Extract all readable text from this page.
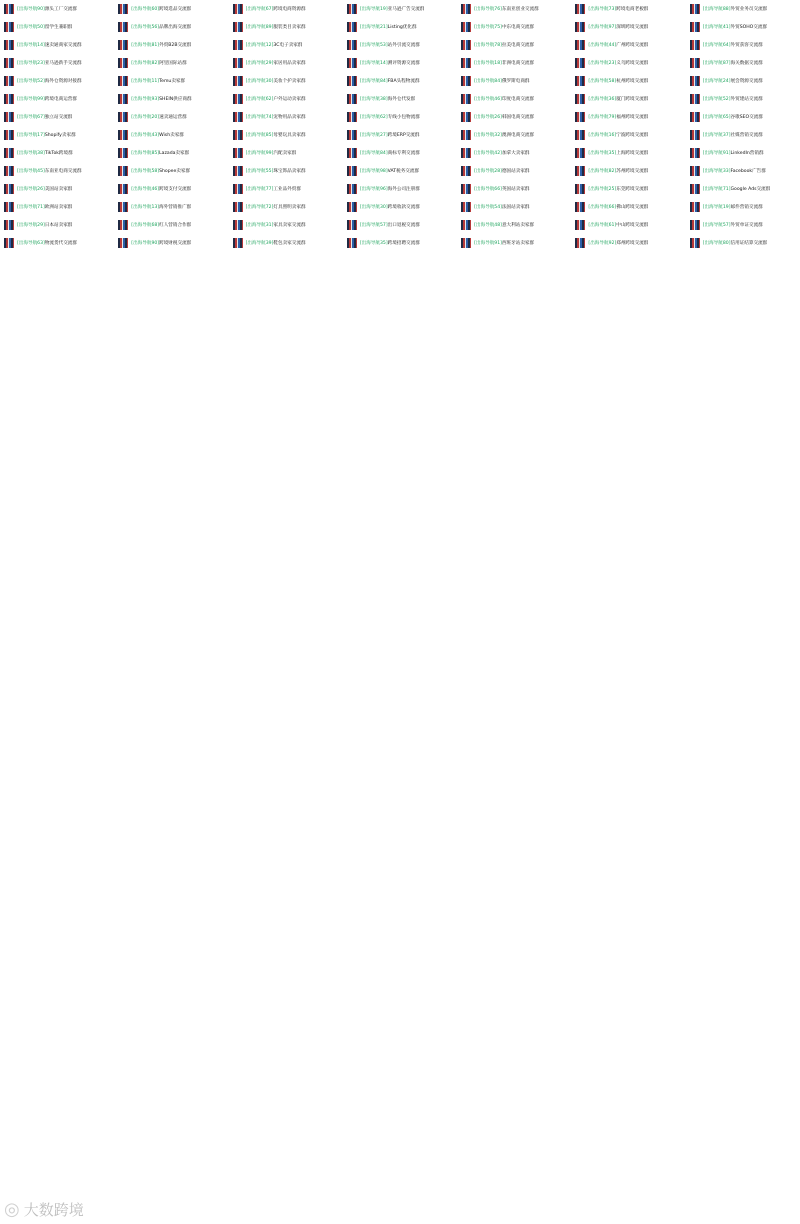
[出海导航90] 源头工厂交流群
[出海导航50] 留学生兼职群
[出海导航14] 速卖通商家交流群
[出海导航23] 亚马逊新手交流群
[出海导航52] 海外仓资源对接群
[出海导航99] 跨境电商运营群
[出海导航67] 独立站交流群
[出海导航17] Shopify卖家群
[出海导航38] TikTok跨境群
[出海导航45] 东南亚电商交流群
[出海导航26] 美国站卖家群
[出海导航71] 欧洲站卖家群
[出海导航29] 日本站卖家群
[出海导航63] 物流货代交流群
[出海导航60] 跨境选品交流群
[出海导航56] 品牌出海交流群
[出海导航81] 外贸B2B交流群
[出海导航82] 阿里国际站群
[出海导航11] Temu卖家群
[出海导航93] SHEIN供应商群
[出海导航20] 速卖通运营群
[出海导航43] Wish卖家群
[出海导航85] Lazada卖家群
[出海导航58] Shopee卖家群
[出海导航46] 跨境支付交流群
[出海导航13] 海外营销推广群
[出海导航68] 红人营销合作群
[出海导航90] 跨境财税交流群
[出海导航67] 跨境电商资源群
[出海导航89] 服装类目卖家群
[出海导航12] 3C电子卖家群
[出海导航29] 家居用品卖家群
[出海导航30] 美妆个护卖家群
[出海导航62] 户外运动卖家群
[出海导航74] 宠物用品卖家群
[出海导航85] 母婴玩具卖家群
[出海导航99] 汽配卖家群
[出海导航55] 珠宝饰品卖家群
[出海导航77] 工业品外贸群
[出海导航72] 灯具照明卖家群
[出海导航31] 家具卖家交流群
[出海导航39] 鞋包卖家交流群
[出海导航19] 亚马逊广告交流群
[出海导航21] Listing优化群
[出海导航53] 站外引流交流群
[出海导航14] 测评资源交流群
[出海导航84] FBA头程物流群
[出海导航38] 海外仓代发群
[出海导航62] 专线小包物流群
[出海导航27] 跨境ERP交流群
[出海导航84] 商标专利交流群
[出海导航98] VAT税务交流群
[出海导航96] 海外公司注册群
[出海导航30] 跨境收款交流群
[出海导航57] 出口退税交流群
[出海导航35] 跨境招聘交流群
[出海导航76] 东南亚创业交流群
[出海导航75] 中东电商交流群
[出海导航78] 拉美电商交流群
[出海导航18] 非洲电商交流群
[出海导航84] 俄罗斯电商群
[出海导航46] 印度电商交流群
[出海导航26] 韩国电商交流群
[出海导航32] 澳洲电商交流群
[出海导航42] 加拿大卖家群
[出海导航28] 德国站卖家群
[出海导航66] 英国站卖家群
[出海导航54] 法国站卖家群
[出海导航48] 意大利站卖家群
[出海导航91] 西班牙站卖家群
[出海导航73] 跨境电商老板群
[出海导航97] 深圳跨境交流群
[出海导航44] 广州跨境交流群
[出海导航23] 义乌跨境交流群
[出海导航58] 杭州跨境交流群
[出海导航36] 厦门跨境交流群
[出海导航79] 福州跨境交流群
[出海导航16] 宁波跨境交流群
[出海导航35] 上海跨境交流群
[出海导航82] 苏州跨境交流群
[出海导航25] 东莞跨境交流群
[出海导航66] 佛山跨境交流群
[出海导航61] 中山跨境交流群
[出海导航92] 郑州跨境交流群
[出海导航88] 外贸业务员交流群
[出海导航41] 外贸SOHO交流群
[出海导航64] 外贸获客交流群
[出海导航87] 海关数据交流群
[出海导航24] 展会资源交流群
[出海导航52] 外贸建站交流群
[出海导航65] 谷歌SEO交流群
[出海导航37] 社媒营销交流群
[出海导航91] LinkedIn营销群
[出海导航33] Facebook广告群
[出海导航71] Google Ads交流群
[出海导航19] 邮件营销交流群
[出海导航57] 外贸单证交流群
[出海导航80] 信用证结算交流群
◎ 大数跨境
